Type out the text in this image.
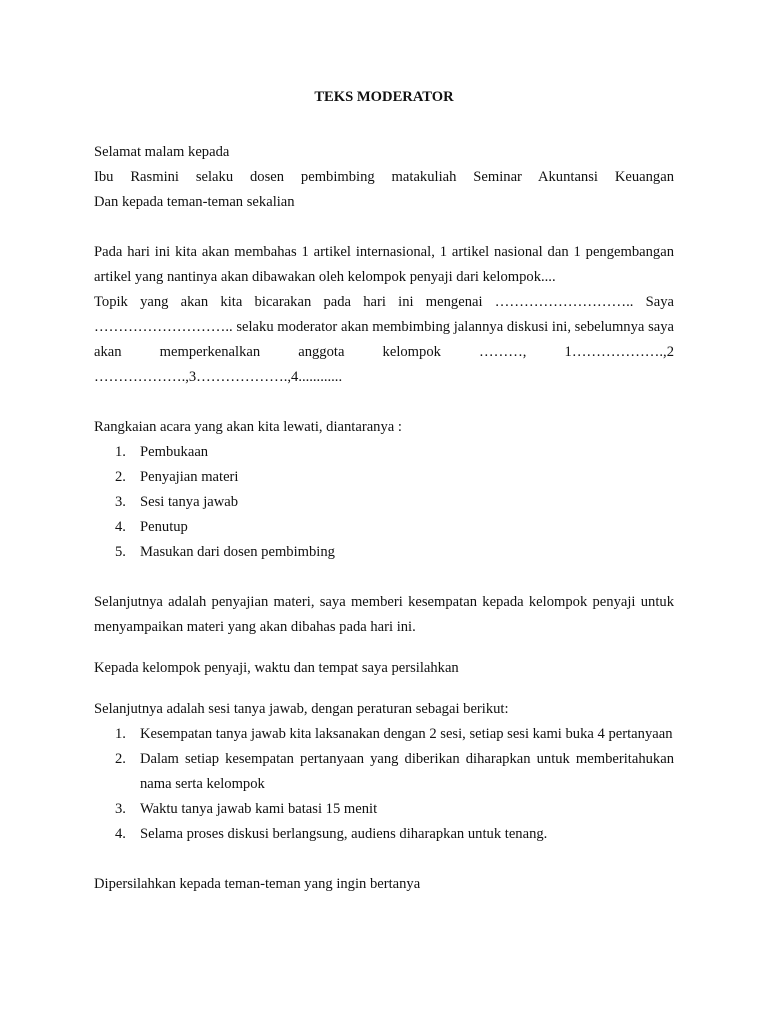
TEKS MODERATOR

Selamat malam kepada

Ibu Rasmini selaku dosen pembimbing matakuliah Seminar Akuntansi Keuangan

Dan kepada teman-teman sekalian

Pada hari ini kita akan membahas 1 artikel internasional, 1 artikel nasional dan 1 pengembangan artikel yang nantinya akan dibawakan oleh kelompok penyaji dari kelompok....

Topik yang akan kita bicarakan pada hari ini mengenai ……………………….. Saya ……………………….. selaku moderator akan membimbing jalannya diskusi ini, sebelumnya saya akan memperkenalkan anggota kelompok ………, 1……………….,2 ……………….,3……………….,4............

Rangkaian acara yang akan kita lewati, diantaranya :

1. Pembukaan
2. Penyajian materi
3. Sesi tanya jawab
4. Penutup
5. Masukan dari dosen pembimbing

Selanjutnya adalah penyajian materi, saya memberi kesempatan kepada kelompok penyaji untuk menyampaikan materi yang akan dibahas pada hari ini.

Kepada kelompok penyaji, waktu dan tempat saya persilahkan

Selanjutnya adalah sesi tanya jawab, dengan peraturan sebagai berikut:

1. Kesempatan tanya jawab kita laksanakan dengan 2 sesi, setiap sesi kami buka 4 pertanyaan
2. Dalam setiap kesempatan pertanyaan yang diberikan diharapkan untuk memberitahukan nama serta kelompok
3. Waktu tanya jawab kami batasi 15 menit
4. Selama proses diskusi berlangsung, audiens diharapkan untuk tenang.

Dipersilahkan kepada teman-teman yang ingin bertanya
